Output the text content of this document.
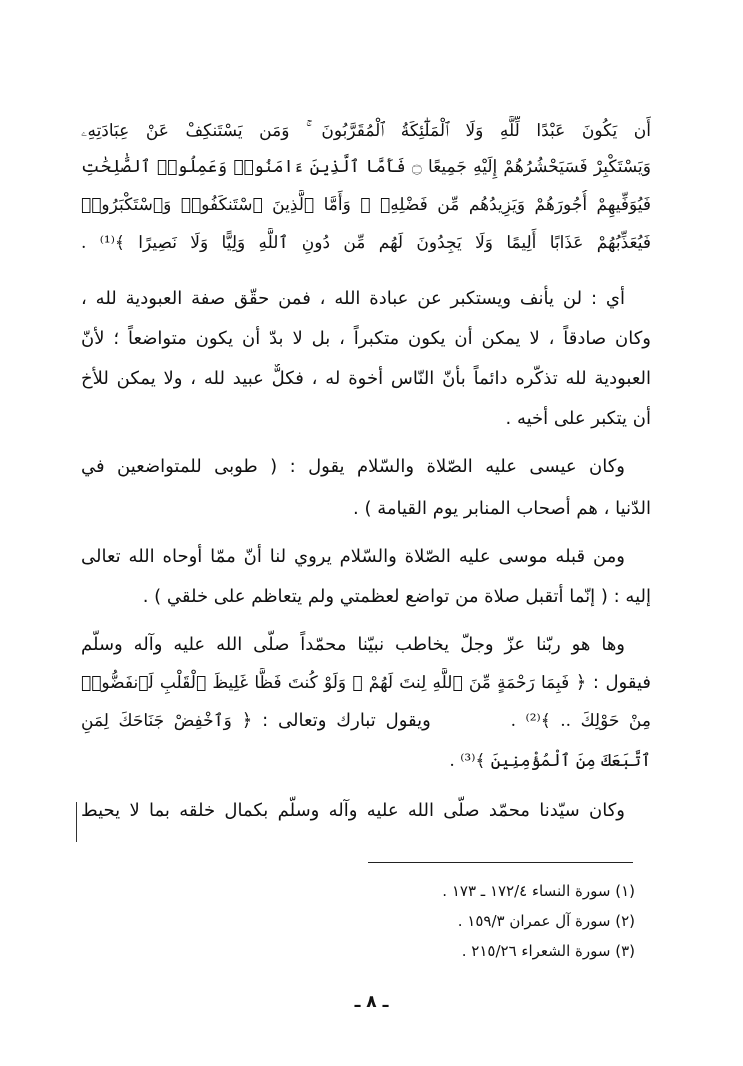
أَن يَكُونَ عَبْدًا لِّلَّهِ وَلَا ٱلْمَلَٰٓئِكَةُ ٱلْمُقَرَّبُونَ ۚ وَمَن يَسْتَنكِفْ عَنْ عِبَادَتِهِۦ
وَيَسْتَكْبِرْ فَسَيَحْشُرُهُمْ إِلَيْهِ جَمِيعًا ۝ فَأَمَّا ٱلَّذِينَ ءَامَنُوا۟ وَعَمِلُوا۟ ٱلصَّٰلِحَٰتِ
فَيُوَفِّيهِمْ أُجُورَهُمْ وَيَزِيدُهُم مِّن فَضْلِهِۦ ۖ وَأَمَّا ٱلَّذِينَ ٱسْتَنكَفُوا۟ وَٱسْتَكْبَرُوا۟
فَيُعَذِّبُهُمْ عَذَابًا أَلِيمًا وَلَا يَجِدُونَ لَهُم مِّن دُونِ ٱللَّهِ وَلِيًّا وَلَا نَصِيرًا ﴾⁽¹⁾ .
أي : لن يأنف ويستكبر عن عبادة الله ، فمن حقّق صفة العبودية لله ،
وكان صادقاً ، لا يمكن أن يكون متكبراً ، بل لا بدّ أن يكون متواضعاً ؛ لأنّ
العبودية لله تذكّره دائماً بأنّ النّاس أخوة له ، فكلٌّ عبيد لله ، ولا يمكن للأخ
أن يتكبر على أخيه .
وكان عيسى عليه الصّلاة والسّلام يقول : ( طوبى للمتواضعين في
الدّنيا ، هم أصحاب المنابر يوم القيامة ) .
ومن قبله موسى عليه الصّلاة والسّلام يروي لنا أنّ ممّا أوحاه الله تعالى
إليه : ( إنّما أتقبل صلاة من تواضع لعظمتي ولم يتعاظم على خلقي ) .
وها هو ربّنا عزّ وجلّ يخاطب نبيّنا محمّداً صلّى الله عليه وآله وسلّم
فيقول : ﴿ فَبِمَا رَحْمَةٍ مِّنَ ٱللَّهِ لِنتَ لَهُمْ ۖ وَلَوْ كُنتَ فَظًّا غَلِيظَ ٱلْقَلْبِ لَٱنفَضُّوا۟
مِنْ حَوْلِكَ .. ﴾⁽²⁾ .  ويقول تبارك وتعالى : ﴿ وَٱخْفِضْ جَنَاحَكَ لِمَنِ
ٱتَّبَعَكَ مِنَ ٱلْمُؤْمِنِينَ ﴾⁽³⁾ .
وكان سيّدنا محمّد صلّى الله عليه وآله وسلّم بكمال خلقه بما لا يحيط
(١) سورة النساء ١٧٢/٤ ـ ١٧٣ .
(٢) سورة آل عمران ١٥٩/٣ .
(٣) سورة الشعراء ٢١٥/٢٦ .
ـ ٨ ـ
